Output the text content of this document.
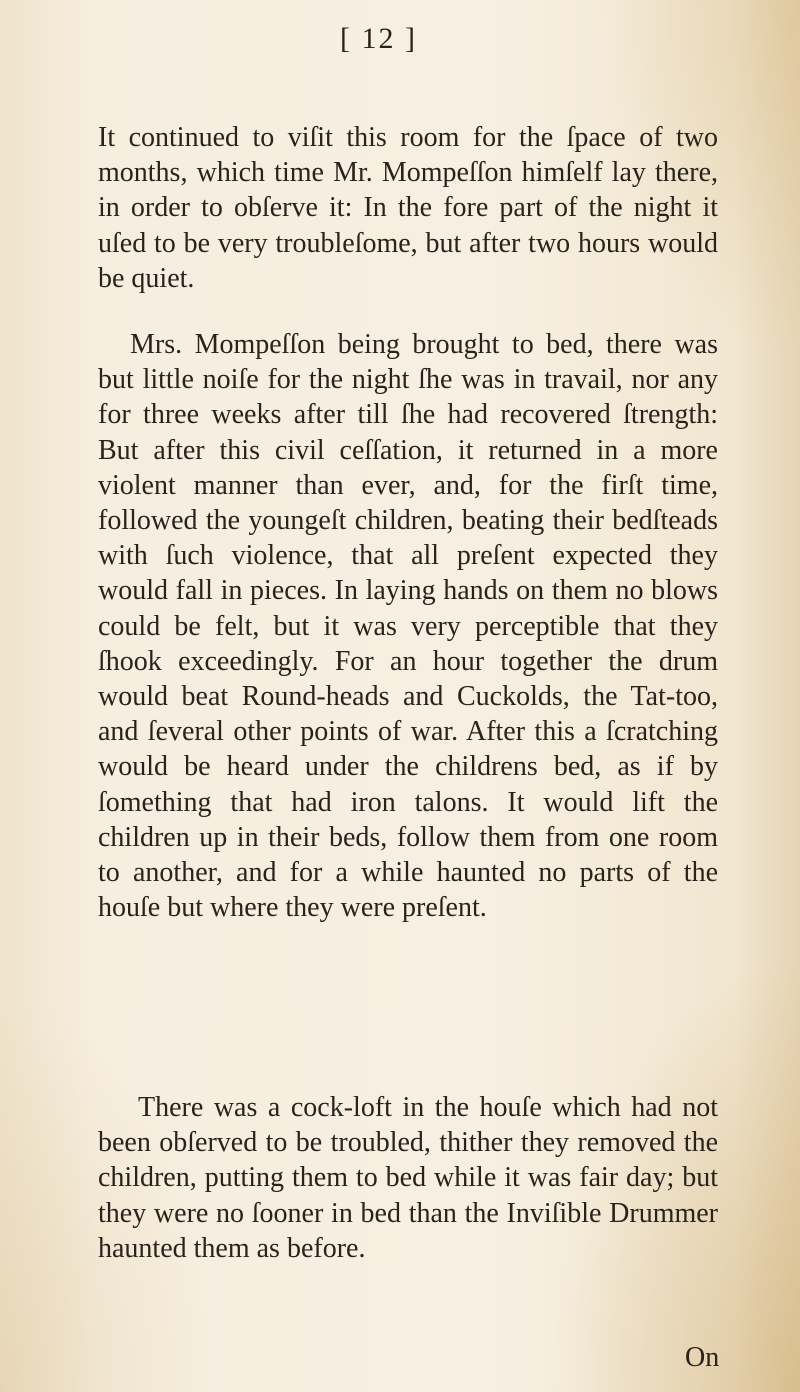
[ 12 ]
It continued to viſit this room for the ſpace of two months, which time Mr. Mompeſſon himſelf lay there, in order to obſerve it: In the fore part of the night it uſed to be very troubleſome, but after two hours would be quiet.
Mrs. Mompeſſon being brought to bed, there was but little noiſe for the night ſhe was in travail, nor any for three weeks after till ſhe had recovered ſtrength: But after this civil ceſſation, it returned in a more violent manner than ever, and, for the firſt time, followed the youngeſt children, beating their bedſteads with ſuch violence, that all preſent expected they would fall in pieces. In laying hands on them no blows could be felt, but it was very perceptible that they ſhook exceedingly. For an hour together the drum would beat Round-heads and Cuckolds, the Tat-too, and ſeveral other points of war. After this a ſcratching would be heard under the childrens bed, as if by ſomething that had iron talons. It would lift the children up in their beds, follow them from one room to another, and for a while haunted no parts of the houſe but where they were preſent.
There was a cock-loft in the houſe which had not been obſerved to be troubled, thither they removed the children, putting them to bed while it was fair day; but they were no ſooner in bed than the Inviſible Drummer haunted them as before.
On
